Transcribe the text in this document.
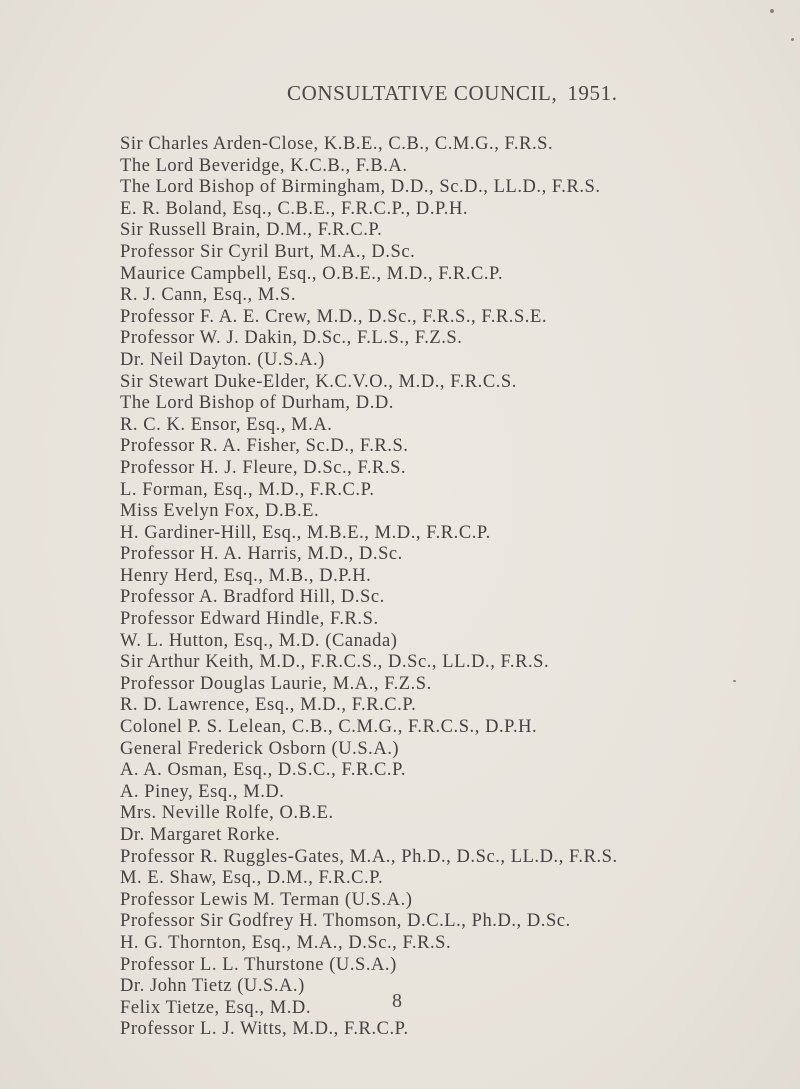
CONSULTATIVE COUNCIL, 1951.
Sir Charles Arden-Close, K.B.E., C.B., C.M.G., F.R.S.
The Lord Beveridge, K.C.B., F.B.A.
The Lord Bishop of Birmingham, D.D., Sc.D., LL.D., F.R.S.
E. R. Boland, Esq., C.B.E., F.R.C.P., D.P.H.
Sir Russell Brain, D.M., F.R.C.P.
Professor Sir Cyril Burt, M.A., D.Sc.
Maurice Campbell, Esq., O.B.E., M.D., F.R.C.P.
R. J. Cann, Esq., M.S.
Professor F. A. E. Crew, M.D., D.Sc., F.R.S., F.R.S.E.
Professor W. J. Dakin, D.Sc., F.L.S., F.Z.S.
Dr. Neil Dayton. (U.S.A.)
Sir Stewart Duke-Elder, K.C.V.O., M.D., F.R.C.S.
The Lord Bishop of Durham, D.D.
R. C. K. Ensor, Esq., M.A.
Professor R. A. Fisher, Sc.D., F.R.S.
Professor H. J. Fleure, D.Sc., F.R.S.
L. Forman, Esq., M.D., F.R.C.P.
Miss Evelyn Fox, D.B.E.
H. Gardiner-Hill, Esq., M.B.E., M.D., F.R.C.P.
Professor H. A. Harris, M.D., D.Sc.
Henry Herd, Esq., M.B., D.P.H.
Professor A. Bradford Hill, D.Sc.
Professor Edward Hindle, F.R.S.
W. L. Hutton, Esq., M.D. (Canada)
Sir Arthur Keith, M.D., F.R.C.S., D.Sc., LL.D., F.R.S.
Professor Douglas Laurie, M.A., F.Z.S.
R. D. Lawrence, Esq., M.D., F.R.C.P.
Colonel P. S. Lelean, C.B., C.M.G., F.R.C.S., D.P.H.
General Frederick Osborn (U.S.A.)
A. A. Osman, Esq., D.S.C., F.R.C.P.
A. Piney, Esq., M.D.
Mrs. Neville Rolfe, O.B.E.
Dr. Margaret Rorke.
Professor R. Ruggles-Gates, M.A., Ph.D., D.Sc., LL.D., F.R.S.
M. E. Shaw, Esq., D.M., F.R.C.P.
Professor Lewis M. Terman (U.S.A.)
Professor Sir Godfrey H. Thomson, D.C.L., Ph.D., D.Sc.
H. G. Thornton, Esq., M.A., D.Sc., F.R.S.
Professor L. L. Thurstone (U.S.A.)
Dr. John Tietz (U.S.A.)
Felix Tietze, Esq., M.D.
Professor L. J. Witts, M.D., F.R.C.P.
8
